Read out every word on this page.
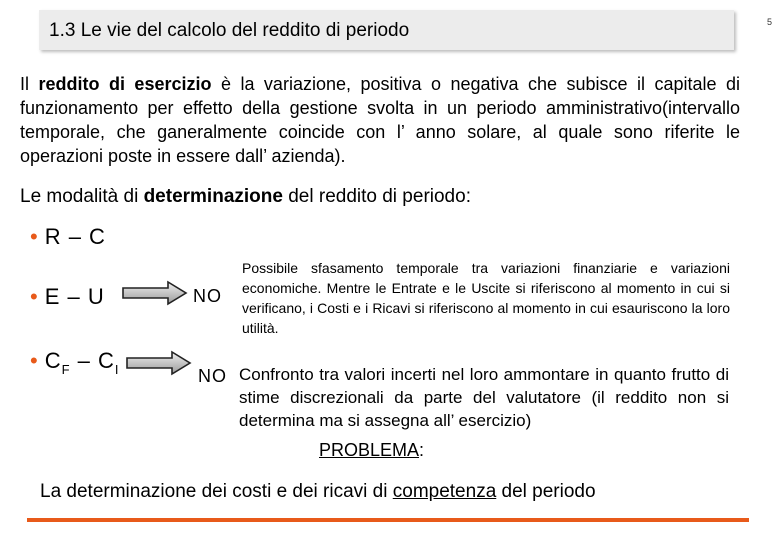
1.3 Le vie del calcolo del reddito di periodo	5
Il reddito di esercizio è la variazione, positiva o negativa che subisce il capitale di funzionamento per effetto della gestione svolta in un periodo amministrativo(intervallo temporale, che ganeralmente coincide con l’ anno solare, al quale sono riferite le operazioni poste in essere dall’ azienda).
Le modalità di determinazione del reddito di periodo:
• R – C
• E – U	NO
Possibile sfasamento temporale tra variazioni finanziarie e variazioni economiche. Mentre le Entrate e le Uscite si riferiscono al momento in cui si verificano, i Costi e i Ricavi si riferiscono al momento in cui esauriscono la loro utilità.
• $C_F - C_I$	NO Confronto tra valori incerti nel loro ammontare in quanto frutto di stime discrezionali da parte del valutatore (il reddito non si determina ma si assegna all’ esercizio)
PROBLEMA:
La determinazione dei costi e dei ricavi di competenza del periodo
